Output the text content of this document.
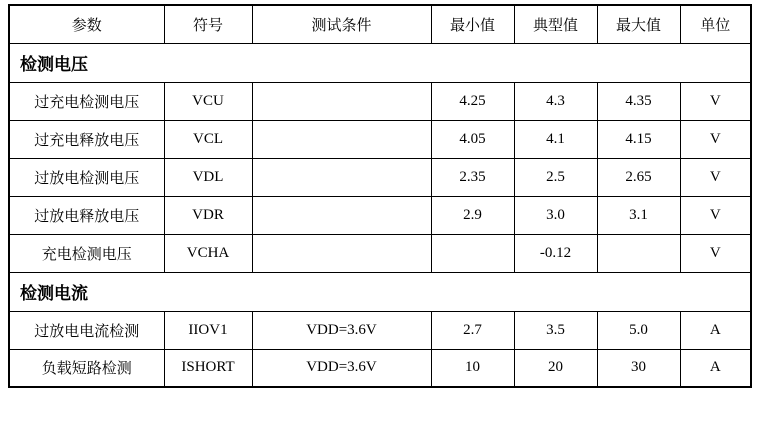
参数	符号	测试条件	最小值	典型值	最大值	单位
检测电压						
过充电检测电压	VCU		4.25	4.3	4.35	V
过充电释放电压	VCL		4.05	4.1	4.15	V
过放电检测电压	VDL		2.35	2.5	2.65	V
过放电释放电压	VDR		2.9	3.0	3.1	V
充电检测电压	VCHA			-0.12		V
检测电流						
过放电电流检测	IIOV1	VDD=3.6V	2.7	3.5	5.0	A
负载短路检测	ISHORT	VDD=3.6V	10	20	30	A
